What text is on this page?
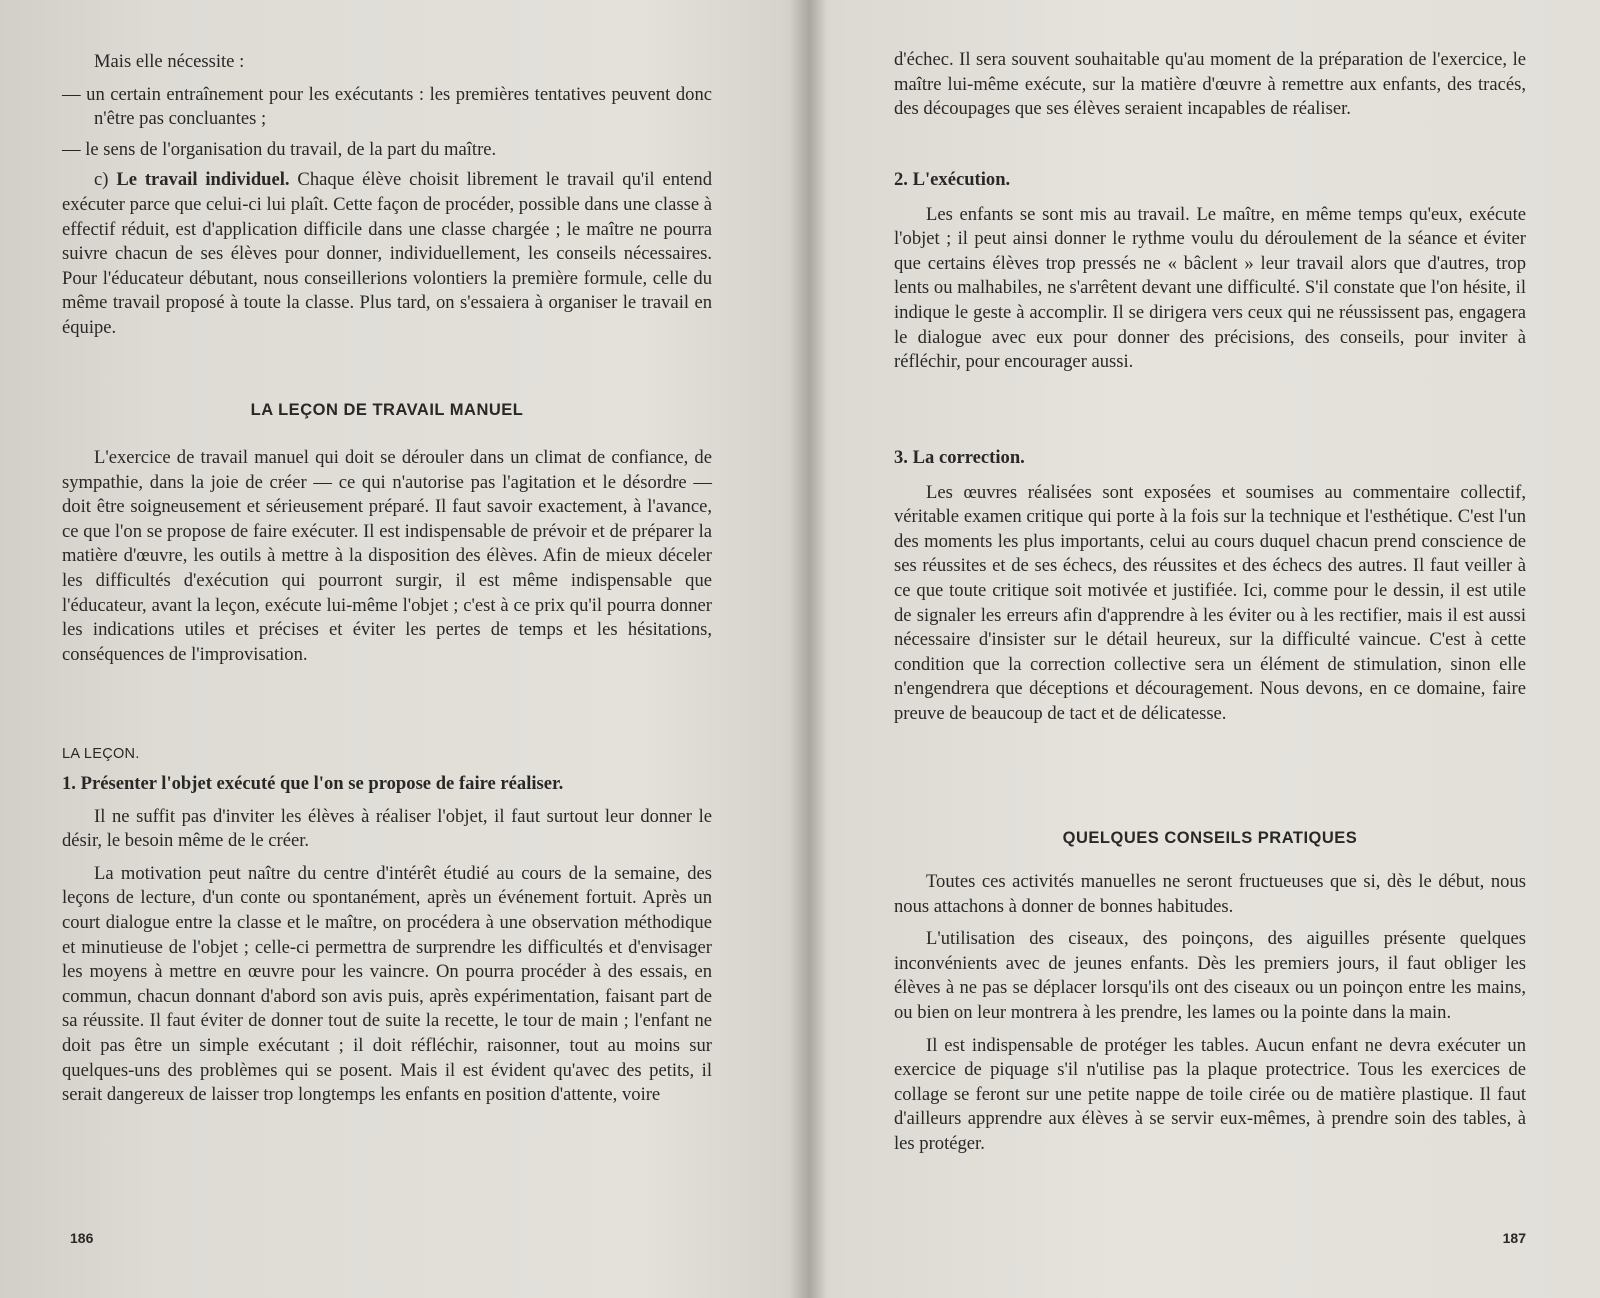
Mais elle nécessite :

— un certain entraînement pour les exécutants : les premières tentatives peuvent donc n'être pas concluantes ;

— le sens de l'organisation du travail, de la part du maître.

c) Le travail individuel. Chaque élève choisit librement le travail qu'il entend exécuter parce que celui-ci lui plaît. Cette façon de procéder, possible dans une classe à effectif réduit, est d'application difficile dans une classe chargée ; le maître ne pourra suivre chacun de ses élèves pour donner, individuellement, les conseils nécessaires. Pour l'éducateur débutant, nous conseillerions volontiers la première formule, celle du même travail proposé à toute la classe. Plus tard, on s'essaiera à organiser le travail en équipe.

LA LEÇON DE TRAVAIL MANUEL

L'exercice de travail manuel qui doit se dérouler dans un climat de confiance, de sympathie, dans la joie de créer — ce qui n'autorise pas l'agitation et le désordre — doit être soigneusement et sérieusement préparé. Il faut savoir exactement, à l'avance, ce que l'on se propose de faire exécuter. Il est indispensable de prévoir et de préparer la matière d'œuvre, les outils à mettre à la disposition des élèves. Afin de mieux déceler les difficultés d'exécution qui pourront surgir, il est même indispensable que l'éducateur, avant la leçon, exécute lui-même l'objet ; c'est à ce prix qu'il pourra donner les indications utiles et précises et éviter les pertes de temps et les hésitations, conséquences de l'improvisation.

LA LEÇON.

1. Présenter l'objet exécuté que l'on se propose de faire réaliser.

Il ne suffit pas d'inviter les élèves à réaliser l'objet, il faut surtout leur donner le désir, le besoin même de le créer.

La motivation peut naître du centre d'intérêt étudié au cours de la semaine, des leçons de lecture, d'un conte ou spontanément, après un événement fortuit. Après un court dialogue entre la classe et le maître, on procédera à une observation méthodique et minutieuse de l'objet ; celle-ci permettra de surprendre les difficultés et d'envisager les moyens à mettre en œuvre pour les vaincre. On pourra procéder à des essais, en commun, chacun donnant d'abord son avis puis, après expérimentation, faisant part de sa réussite. Il faut éviter de donner tout de suite la recette, le tour de main ; l'enfant ne doit pas être un simple exécutant ; il doit réfléchir, raisonner, tout au moins sur quelques-uns des problèmes qui se posent. Mais il est évident qu'avec des petits, il serait dangereux de laisser trop longtemps les enfants en position d'attente, voire

186

d'échec. Il sera souvent souhaitable qu'au moment de la préparation de l'exercice, le maître lui-même exécute, sur la matière d'œuvre à remettre aux enfants, des tracés, des découpages que ses élèves seraient incapables de réaliser.

2. L'exécution.

Les enfants se sont mis au travail. Le maître, en même temps qu'eux, exécute l'objet ; il peut ainsi donner le rythme voulu du déroulement de la séance et éviter que certains élèves trop pressés ne « bâclent » leur travail alors que d'autres, trop lents ou malhabiles, ne s'arrêtent devant une difficulté. S'il constate que l'on hésite, il indique le geste à accomplir. Il se dirigera vers ceux qui ne réussissent pas, engagera le dialogue avec eux pour donner des précisions, des conseils, pour inviter à réfléchir, pour encourager aussi.

3. La correction.

Les œuvres réalisées sont exposées et soumises au commentaire collectif, véritable examen critique qui porte à la fois sur la technique et l'esthétique. C'est l'un des moments les plus importants, celui au cours duquel chacun prend conscience de ses réussites et de ses échecs, des réussites et des échecs des autres. Il faut veiller à ce que toute critique soit motivée et justifiée. Ici, comme pour le dessin, il est utile de signaler les erreurs afin d'apprendre à les éviter ou à les rectifier, mais il est aussi nécessaire d'insister sur le détail heureux, sur la difficulté vaincue. C'est à cette condition que la correction collective sera un élément de stimulation, sinon elle n'engendrera que déceptions et découragement. Nous devons, en ce domaine, faire preuve de beaucoup de tact et de délicatesse.

QUELQUES CONSEILS PRATIQUES

Toutes ces activités manuelles ne seront fructueuses que si, dès le début, nous nous attachons à donner de bonnes habitudes.

L'utilisation des ciseaux, des poinçons, des aiguilles présente quelques inconvénients avec de jeunes enfants. Dès les premiers jours, il faut obliger les élèves à ne pas se déplacer lorsqu'ils ont des ciseaux ou un poinçon entre les mains, ou bien on leur montrera à les prendre, les lames ou la pointe dans la main.

Il est indispensable de protéger les tables. Aucun enfant ne devra exécuter un exercice de piquage s'il n'utilise pas la plaque protectrice. Tous les exercices de collage se feront sur une petite nappe de toile cirée ou de matière plastique. Il faut d'ailleurs apprendre aux élèves à se servir eux-mêmes, à prendre soin des tables, à les protéger.

187
